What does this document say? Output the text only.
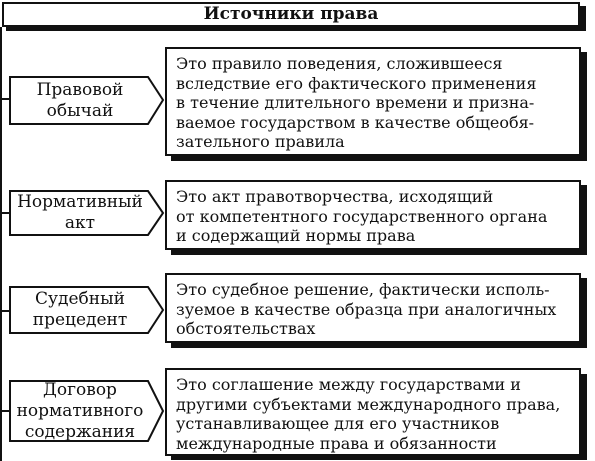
Источники права
Правовой
обычай
Нормативный
акт
Судебный
прецедент
Договор
нормативного
содержания
Это правило поведения, сложившееся
вследствие его фактического применения
в течение длительного времени и призна-
ваемое государством в качестве общеобя-
зательного правила
Это акт правотворчества, исходящий
от компетентного государственного органа
и содержащий нормы права
Это судебное решение, фактически исполь-
зуемое в качестве образца при аналогичных
обстоятельствах
Это соглашение между государствами и
другими субъектами международного права,
устанавливающее для его участников
международные права и обязанности
